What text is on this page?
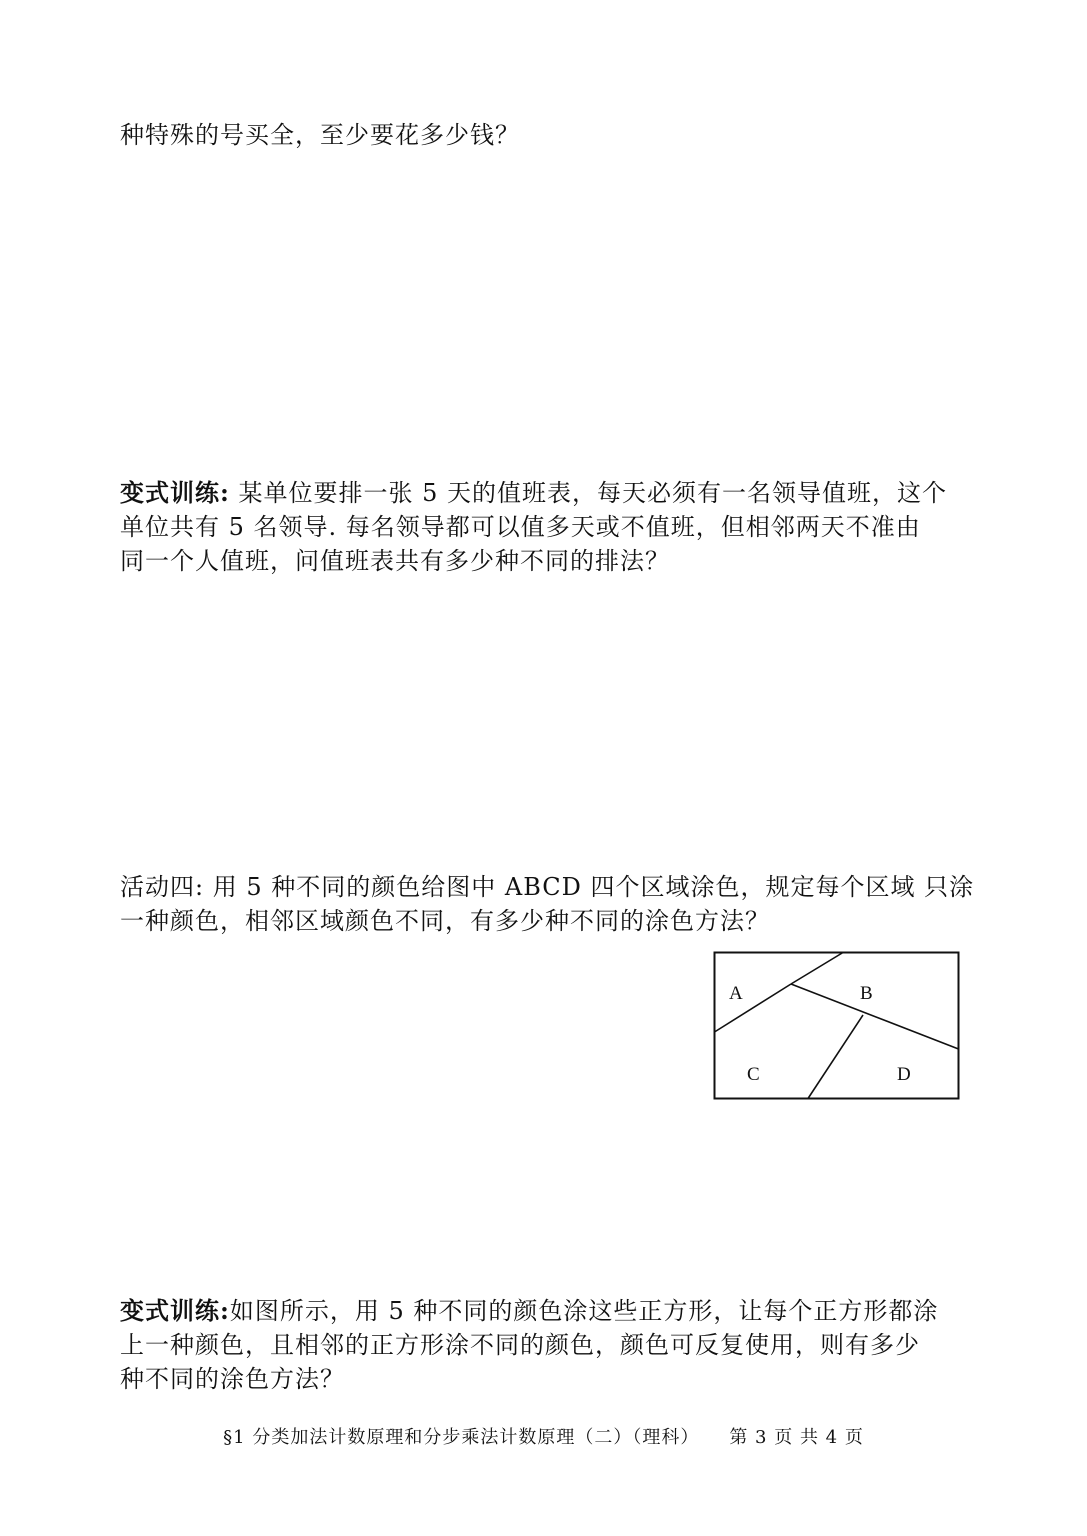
种特殊的号买全，至少要花多少钱？
变式训练: 某单位要排一张 5 天的值班表，每天必须有一名领导值班，这个
单位共有 5 名领导. 每名领导都可以值多天或不值班，但相邻两天不准由
同一个人值班，问值班表共有多少种不同的排法？
活动四: 用 5 种不同的颜色给图中 ABCD 四个区域涂色，规定每个区域 只涂
一种颜色，相邻区域颜色不同，有多少种不同的涂色方法？
A	B
C	D
变式训练:如图所示，用 5 种不同的颜色涂这些正方形，让每个正方形都涂
上一种颜色，且相邻的正方形涂不同的颜色，颜色可反复使用，则有多少
种不同的涂色方法？
§1 分类加法计数原理和分步乘法计数原理（二）（理科） 第 3 页 共 4 页
